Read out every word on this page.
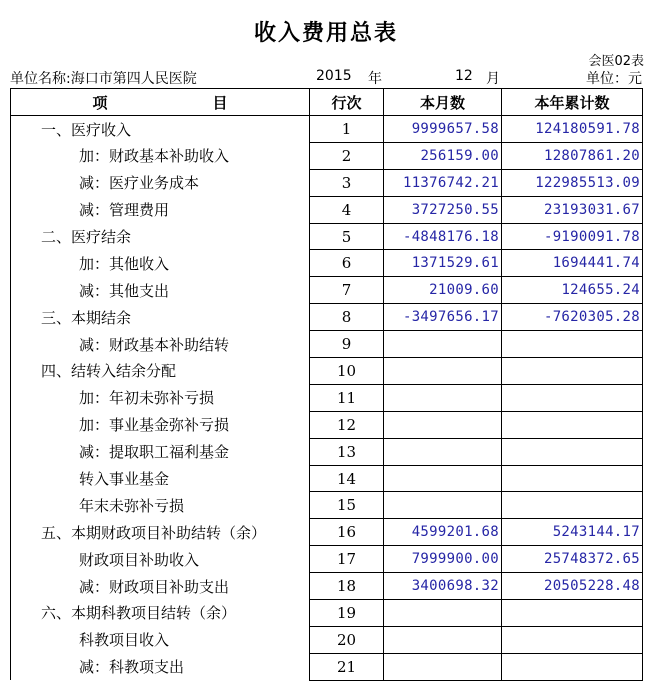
收入费用总表
会医02表
单位名称:海口市第四人民医院	2015 年	12 月	单位：元
项　　　　　　　目	行次	本月数	本年累计数
一、医疗收入	1	9999657.58	124180591.78
加：财政基本补助收入	2	256159.00	12807861.20
减：医疗业务成本	3	11376742.21	122985513.09
减：管理费用	4	3727250.55	23193031.67
二、医疗结余	5	-4848176.18	-9190091.78
加：其他收入	6	1371529.61	1694441.74
减：其他支出	7	21009.60	124655.24
三、本期结余	8	-3497656.17	-7620305.28
减：财政基本补助结转	9		
四、结转入结余分配	10		
加：年初未弥补亏损	11		
加：事业基金弥补亏损	12		
减：提取职工福利基金	13		
转入事业基金	14		
年末未弥补亏损	15		
五、本期财政项目补助结转（余）	16	4599201.68	5243144.17
财政项目补助收入	17	7999900.00	25748372.65
减：财政项目补助支出	18	3400698.32	20505228.48
六、本期科教项目结转（余）	19		
科教项目收入	20		
减：科教项支出	21		
